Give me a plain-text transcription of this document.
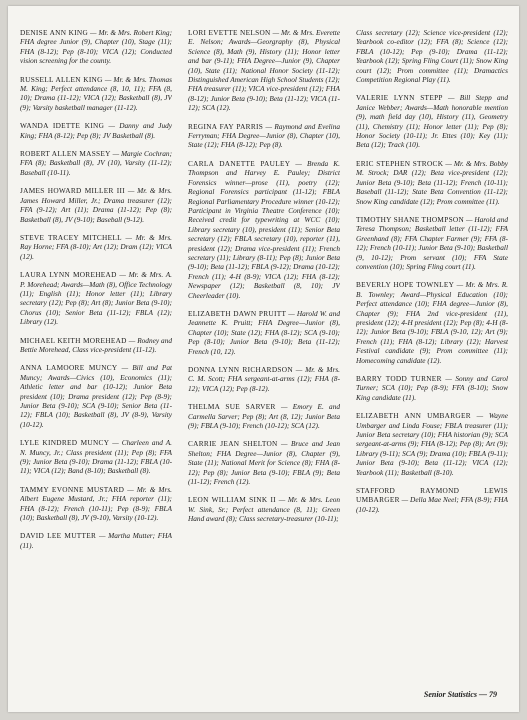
DENISE ANN KING — Mr. & Mrs. Robert King; FHA degree Junior (9), Chapter (10), Stage (11); FHA (8-12); Pep (8-10); VICA (12); Conducted vision screening for the county.

RUSSELL ALLEN KING — Mr. & Mrs. Thomas M. King; Perfect attendance (8, 10, 11); FFA (8, 10); Drama (11-12); VICA (12); Basketball (8), JV (9); Varsity basketball manager (11-12).

WANDA IDETTE KING — Danny and Judy King; FHA (8-12); Pep (8); JV Basketball (8).

ROBERT ALLEN MASSEY — Margie Cochran; FFA (8); Basketball (8), JV (10), Varsity (11-12); Baseball (10-11).

JAMES HOWARD MILLER III — Mr. & Mrs. James Howard Miller, Jr.; Drama treasurer (12); FFA (9-12); Art (11); Drama (11-12); Pep (8); Basketball (8), JV (9-10); Baseball (9-12).

STEVE TRACEY MITCHELL — Mr. & Mrs. Ray Horne; FFA (8-10); Art (12); Dram (12); VICA (12).

LAURA LYNN MOREHEAD — Mr. & Mrs. A. P. Morehead; Awards—Math (8), Office Technology (11); English (11); Honor letter (11); Library secretary (12); Pep (8); Art (8); Junior Beta (9-10); Chorus (10); Senior Beta (11-12); FBLA (12); Library (12).

MICHAEL KEITH MOREHEAD — Rodney and Bettie Morehead, Class vice-president (11-12).

ANNA LAMOORE MUNCY — Bill and Pat Muncy; Awards—Civics (10), Economics (11); Athletic letter and bar (10-12); Junior Beta president (10); Drama president (12); Pep (8-9); Junior Beta (9-10); SCA (9-10); Senior Beta (11-12); FBLA (10); Basketball (8), JV (8-9), Varsity (10-12).

LYLE KINDRED MUNCY — Charleen and A. N. Muncy, Jr.; Class president (11); Pep (8); FFA (9); Junior Beta (9-10); Drama (11-12); FBLA (10-11); VICA (12); Band (8-10); Basketball (8).

TAMMY EVONNE MUSTARD — Mr. & Mrs. Albert Eugene Mustard, Jr.; FHA reporter (11); FHA (8-12); French (10-11); Pep (8-9); FBLA (10); Basketball (8), JV (9-10), Varsity (10-12).

DAVID LEE MUTTER — Martha Mutter; FHA (11).

LORI EVETTE NELSON — Mr. & Mrs. Everette E. Nelson; Awards—Georgraphy (8), Physical Science (8), Math (9), History (11); Honor letter and bar (9-11); FHA Degree—Junior (9), Chapter (10), State (11); National Honor Society (11-12); Distinguished American High School Students (12); FHA treasurer (11); VICA vice-president (12); FHA (8-12); Junior Beta (9-10); Beta (11-12); VICA (11-12); SCA (12).

REGINA FAY PARRIS — Raymond and Evelina Ferryman; FHA Degree—Junior (8), Chapter (10), State (12); FHA (8-12); Pep (8).

CARLA DANETTE PAULEY — Brenda K. Thompson and Harvey E. Pauley; District Forensics winner—prose (11), poetry (12); Regional Forensics participant (11-12); FBLA Regional Parliamentary Procedure winner (10-12); Participant in Virginia Theatre Conference (10); Received credit for typewriting at WCC (10); Library secretary (10), president (11); Senior Beta secretary (12); FBLA secretary (10), reporter (11), president (12); Drama vice-president (11); French secretary (11); Library (8-11); Pep (8); Junior Beta (9-10); Beta (11-12); FBLA (9-12); Drama (10-12); French (11); 4-H (8-9); VICA (12); FHA (8-12); Newspaper (12); Basketball (8, 10); JV Cheerleader (10).

ELIZABETH DAWN PRUITT — Harold W. and Jeannette K. Pruitt; FHA Degree—Junior (8), Chapter (10); State (12); FHA (8-12); SCA (9-10); Pep (8-10); Junior Beta (9-10); Beta (11-12); French (10, 12).

DONNA LYNN RICHARDSON — Mr. & Mrs. C. M. Scott; FHA sergeant-at-arms (12); FHA (8-12); VICA (12); Pep (8-12).

THELMA SUE SARVER — Emory E. and Carmella Sarver; Pep (8); Art (8, 12); Junior Beta (9); FBLA (9-10); French (10-12); SCA (12).

CARRIE JEAN SHELTON — Bruce and Jean Shelton; FHA Degree—Junior (8), Chapter (9), State (11); National Merit for Science (8); FHA (8-12); Pep (8); Junior Beta (9-10); FBLA (9); Beta (11-12); French (12).

LEON WILLIAM SINK II — Mr. & Mrs. Leon W. Sink, Sr.; Perfect attendance (8, 11); Green Hand award (8); Class secretary-treasurer (10-11);

Class secretary (12); Science vice-president (12); Yearbook co-editor (12); FFA (8); Science (12); FBLA (10-12); Pep (9-10); Drama (11-12); Yearbook (12); Spring Fling Court (11); Snow King court (12); Prom committee (11); Dramactics Competition Regional Play (11).

VALERIE LYNN STEPP — Bill Stepp and Janice Webber; Awards—Math honorable mention (9), math field day (10), History (11), Geometry (11), Chemistry (11); Honor letter (11); Pep (8); Honor Society (10-11); Jr. Ettes (10); Key (11); Beta (12); Track (10).

ERIC STEPHEN STROCK — Mr. & Mrs. Bobby M. Strock; DAR (12); Beta vice-president (12); Junior Beta (9-10); Beta (11-12); French (10-11); Baseball (11-12); State Beta Convention (11-12); Snow King candidate (12); Prom committee (11).

TIMOTHY SHANE THOMPSON — Harold and Teresa Thompson; Basketball letter (11-12); FFA Greenhand (8); FFA Chapter Farmer (9); FFA (8-12); French (10-11); Junior Beta (9-10); Basketball (9, 10-12); Prom servant (10); FFA State convention (10); Spring Fling court (11).

BEVERLY HOPE TOWNLEY — Mr. & Mrs. R. B. Townley; Award—Physical Education (10); Perfect attendance (10); FHA degree—Junior (8), Chapter (9); FHA 2nd vice-president (11), president (12); 4-H president (12); Pep (8); 4-H (8-12); Junior Beta (9-10); FBLA (9-10, 12); Art (9); French (11); FHA (8-12); Library (12); Harvest Festival candidate (9); Prom committee (11); Homecoming candidate (12).

BARRY TODD TURNER — Sonny and Carol Turner; SCA (10); Pep (8-9); FFA (8-10); Snow King candidate (11).

ELIZABETH ANN UMBARGER — Wayne Umbarger and Linda Fouse; FBLA treasurer (11); Junior Beta secretary (10); FHA historian (9); SCA sergeant-at-arms (9); FHA (8-12); Pep (8); Art (9); Library (9-11); SCA (9); Drama (10); FBLA (9-11); Junior Beta (9-10); Beta (11-12); VICA (12); Yearbook (11); Basketball (8-10).

STAFFORD RAYMOND LEWIS UMBARGER — Della Mae Neel; FFA (8-9); FHA (10-12).

Senior Statistics — 79
